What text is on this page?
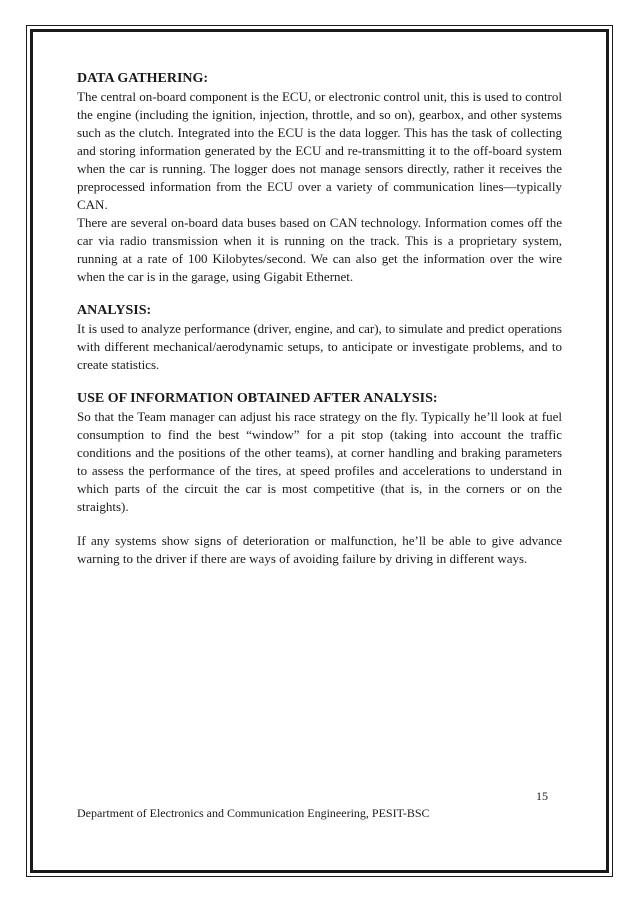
DATA GATHERING:

The central on-board component is the ECU, or electronic control unit, this is used to control the engine (including the ignition, injection, throttle, and so on), gearbox, and other systems such as the clutch. Integrated into the ECU is the data logger. This has the task of collecting and storing information generated by the ECU and re-transmitting it to the off-board system when the car is running. The logger does not manage sensors directly, rather it receives the preprocessed information from the ECU over a variety of communication lines—typically CAN.

There are several on-board data buses based on CAN technology. Information comes off the car via radio transmission when it is running on the track. This is a proprietary system, running at a rate of 100 Kilobytes/second. We can also get the information over the wire when the car is in the garage, using Gigabit Ethernet.

ANALYSIS:

It is used to analyze performance (driver, engine, and car), to simulate and predict operations with different mechanical/aerodynamic setups, to anticipate or investigate problems, and to create statistics.

USE OF INFORMATION OBTAINED AFTER ANALYSIS:

So that the Team manager can adjust his race strategy on the fly. Typically he’ll look at fuel consumption to find the best “window” for a pit stop (taking into account the traffic conditions and the positions of the other teams), at corner handling and braking parameters to assess the performance of the tires, at speed profiles and accelerations to understand in which parts of the circuit the car is most competitive (that is, in the corners or on the straights).

If any systems show signs of deterioration or malfunction, he’ll be able to give advance warning to the driver if there are ways of avoiding failure by driving in different ways.

15
Department of Electronics and Communication Engineering, PESIT-BSC
